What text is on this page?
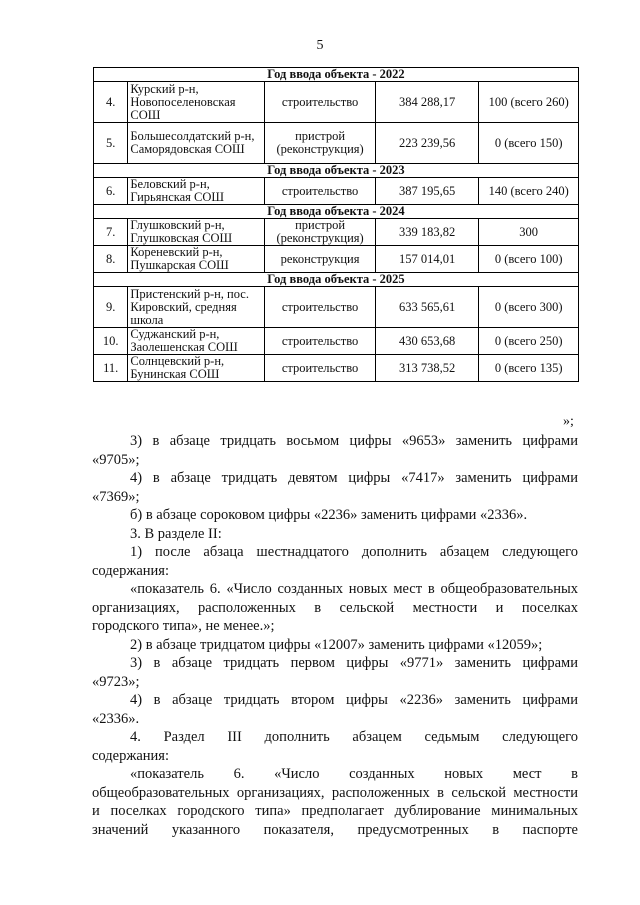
5
Год ввода объекта - 2022				
4.	Курский р-н, Новопоселеновская СОШ	строительство	384 288,17	100 (всего 260)
5.	Большесолдатский р-н, Саморядовская СОШ	пристрой (реконструкция)	223 239,56	0 (всего 150)
Год ввода объекта - 2023				
6.	Беловский р-н, Гирьянская СОШ	строительство	387 195,65	140 (всего 240)
Год ввода объекта - 2024				
7.	Глушковский р-н, Глушковская СОШ	пристрой (реконструкция)	339 183,82	300
8.	Кореневский р-н, Пушкарская СОШ	реконструкция	157 014,01	0 (всего 100)
Год ввода объекта - 2025				
9.	Пристенский р-н, пос. Кировский, средняя школа	строительство	633 565,61	0 (всего 300)
10.	Суджанский р-н, Заолешенская СОШ	строительство	430 653,68	0 (всего 250)
11.	Солнцевский р-н, Бунинская СОШ	строительство	313 738,52	0 (всего 135)
»;

3) в абзаце тридцать восьмом цифры «9653» заменить цифрами

«9705»;

4) в абзаце тридцать девятом цифры «7417» заменить цифрами

«7369»;

б) в абзаце сороковом цифры «2236» заменить цифрами «2336».

3. В разделе II:

1) после абзаца шестнадцатого дополнить абзацем следующего

содержания:

«показатель 6. «Число созданных новых мест в общеобразовательных

организациях, расположенных в сельской местности и поселках

городского типа», не менее.»;

2) в абзаце тридцатом цифры «12007» заменить цифрами «12059»;

3) в абзаце тридцать первом цифры «9771» заменить цифрами

«9723»;

4) в абзаце тридцать втором цифры «2236» заменить цифрами

«2336».

4. Раздел III дополнить абзацем седьмым следующего

содержания:

«показатель 6. «Число созданных новых мест в

общеобразовательных организациях, расположенных в сельской местности

и поселках городского типа» предполагает дублирование минимальных

значений указанного показателя, предусмотренных в паспорте
